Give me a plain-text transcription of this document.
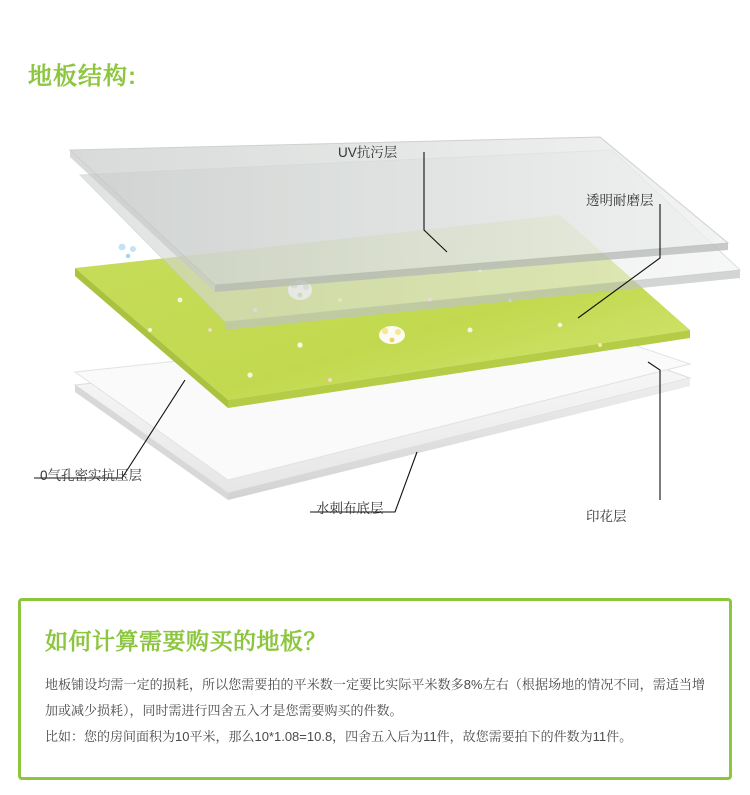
地板结构:
UV抗污层
透明耐磨层
印花层
水刺布底层
0气孔密实抗压层
如何计算需要购买的地板？

地板铺设均需一定的损耗，所以您需要拍的平米数一定要比实际平米数多8%左右（根据场地的情况不同，需适当增加或减少损耗），同时需进行四舍五入才是您需要购买的件数。

比如：您的房间面积为10平米，那么10*1.08=10.8，四舍五入后为11件，故您需要拍下的件数为11件。
